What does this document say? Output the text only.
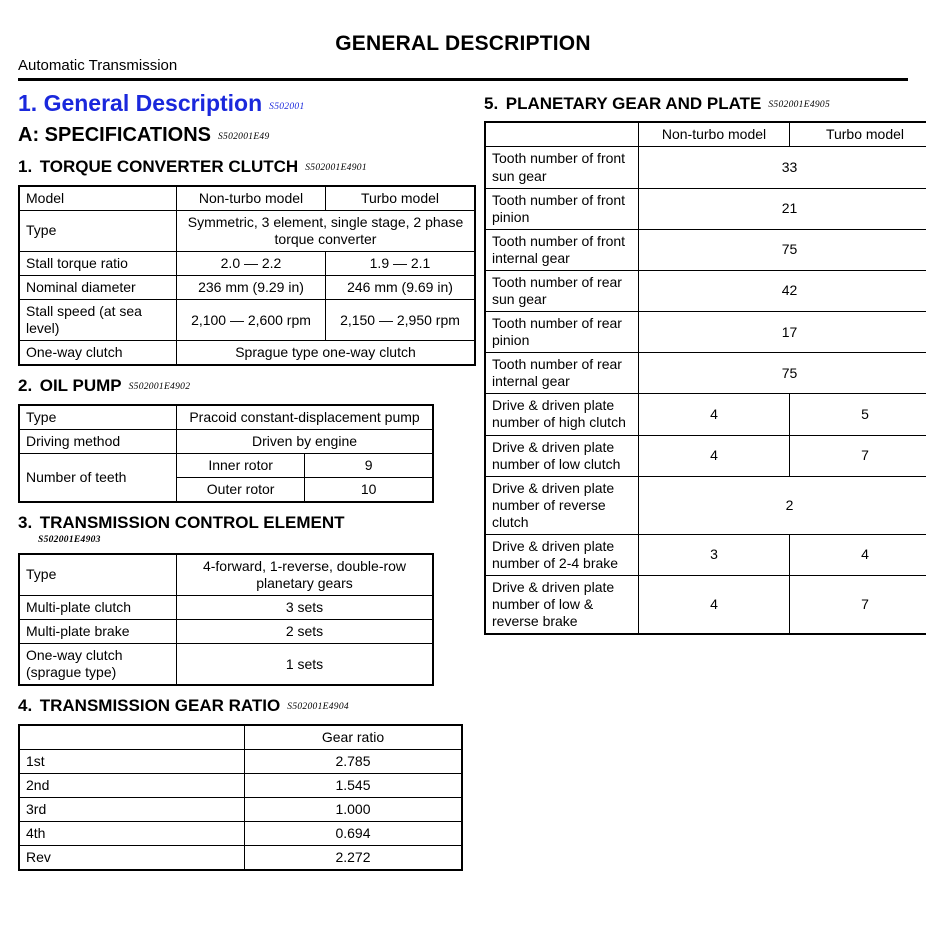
GENERAL DESCRIPTION
Automatic Transmission
1. General Description S502001
A: SPECIFICATIONS S502001E49
1. TORQUE CONVERTER CLUTCH S502001E4901
Model	Non-turbo model	Turbo model
Type	Symmetric, 3 element, single stage, 2 phase torque converter	
Stall torque ratio	2.0 — 2.2	1.9 — 2.1
Nominal diameter	236 mm (9.29 in)	246 mm (9.69 in)
Stall speed (at sea level)	2,100 — 2,600 rpm	2,150 — 2,950 rpm
One-way clutch	Sprague type one-way clutch	
2. OIL PUMP S502001E4902
Type	Pracoid constant-displacement pump	
Driving method	Driven by engine	
Number of teeth	Inner rotor	9
	Outer rotor	10
3. TRANSMISSION CONTROL ELEMENT
S502001E4903
Type	4-forward, 1-reverse, double-row planetary gears
Multi-plate clutch	3 sets
Multi-plate brake	2 sets
One-way clutch (sprague type)	1 sets
4. TRANSMISSION GEAR RATIO S502001E4904
	Gear ratio
1st	2.785
2nd	1.545
3rd	1.000
4th	0.694
Rev	2.272
5. PLANETARY GEAR AND PLATE S502001E4905
	Non-turbo model	Turbo model
Tooth number of front sun gear	33	
Tooth number of front pinion	21	
Tooth number of front internal gear	75	
Tooth number of rear sun gear	42	
Tooth number of rear pinion	17	
Tooth number of rear internal gear	75	
Drive & driven plate number of high clutch	4	5
Drive & driven plate number of low clutch	4	7
Drive & driven plate number of reverse clutch	2	
Drive & driven plate number of 2-4 brake	3	4
Drive & driven plate number of low & reverse brake	4	7
